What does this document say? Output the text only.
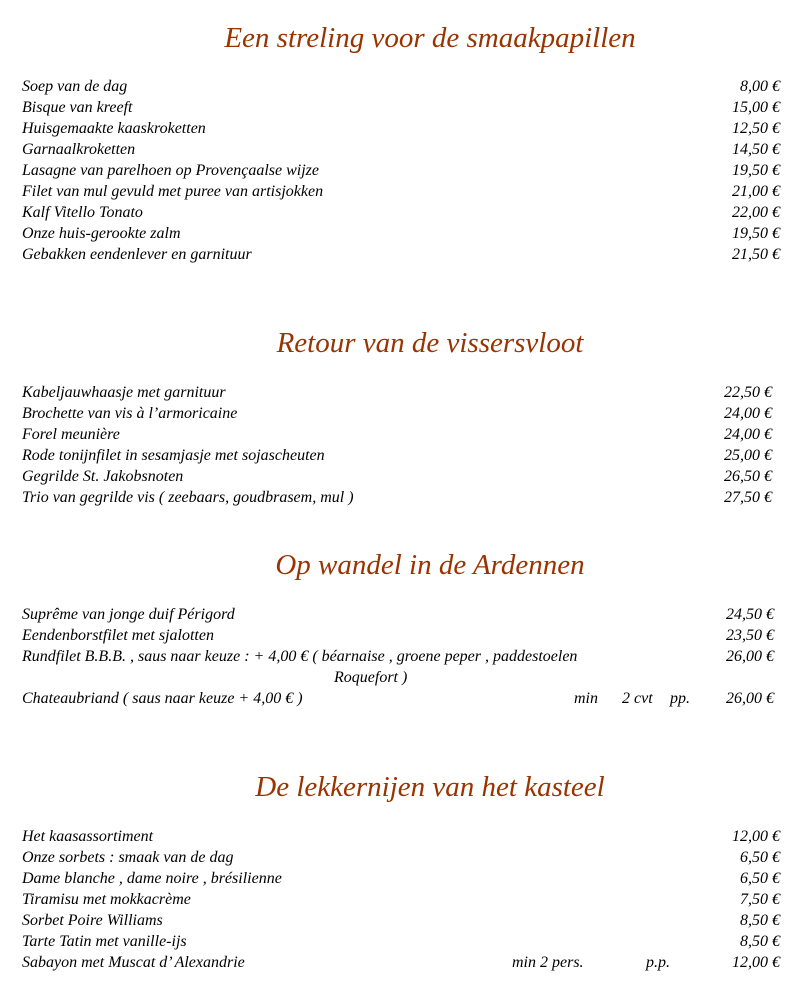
Een streling voor de smaakpapillen
Soep van de dag	8,00 €
Bisque van kreeft	15,00 €
Huisgemaakte kaaskroketten	12,50 €
Garnaalkroketten	14,50 €
Lasagne van parelhoen op Provençaalse wijze	19,50 €
Filet van mul gevuld met puree van artisjokken	21,00 €
Kalf Vitello Tonato	22,00 €
Onze huis-gerookte zalm	19,50 €
Gebakken eendenlever en garnituur	21,50 €
Retour van de vissersvloot
Kabeljauwhaasje met garnituur	22,50 €
Brochette van vis à l’armoricaine	24,00 €
Forel meunière	24,00 €
Rode tonijnfilet in sesamjasje met sojascheuten	25,00 €
Gegrilde St. Jakobsnoten	26,50 €
Trio van gegrilde vis ( zeebaars, goudbrasem, mul )	27,50 €
Op wandel in de Ardennen
Suprême van jonge duif Périgord	24,50 €
Eendenborstfilet met sjalotten	23,50 €
Rundfilet B.B.B. , saus naar keuze : + 4,00 € ( béarnaise , groene peper , paddestoelen	26,00 €
Roquefort )
Chateaubriand ( saus naar keuze + 4,00 € )	min      2 cvt pp. 26,00 €
De lekkernijen van het kasteel
Het kaasassortiment	12,00 €
Onze sorbets : smaak van de dag	6,50 €
Dame blanche , dame noire , brésilienne	6,50 €
Tiramisu met mokkacrème	7,50 €
Sorbet Poire Williams	8,50 €
Tarte Tatin met vanille-ijs	8,50 €
Sabayon met Muscat d’ Alexandrie	min 2 pers.	p.p.	12,00 €
